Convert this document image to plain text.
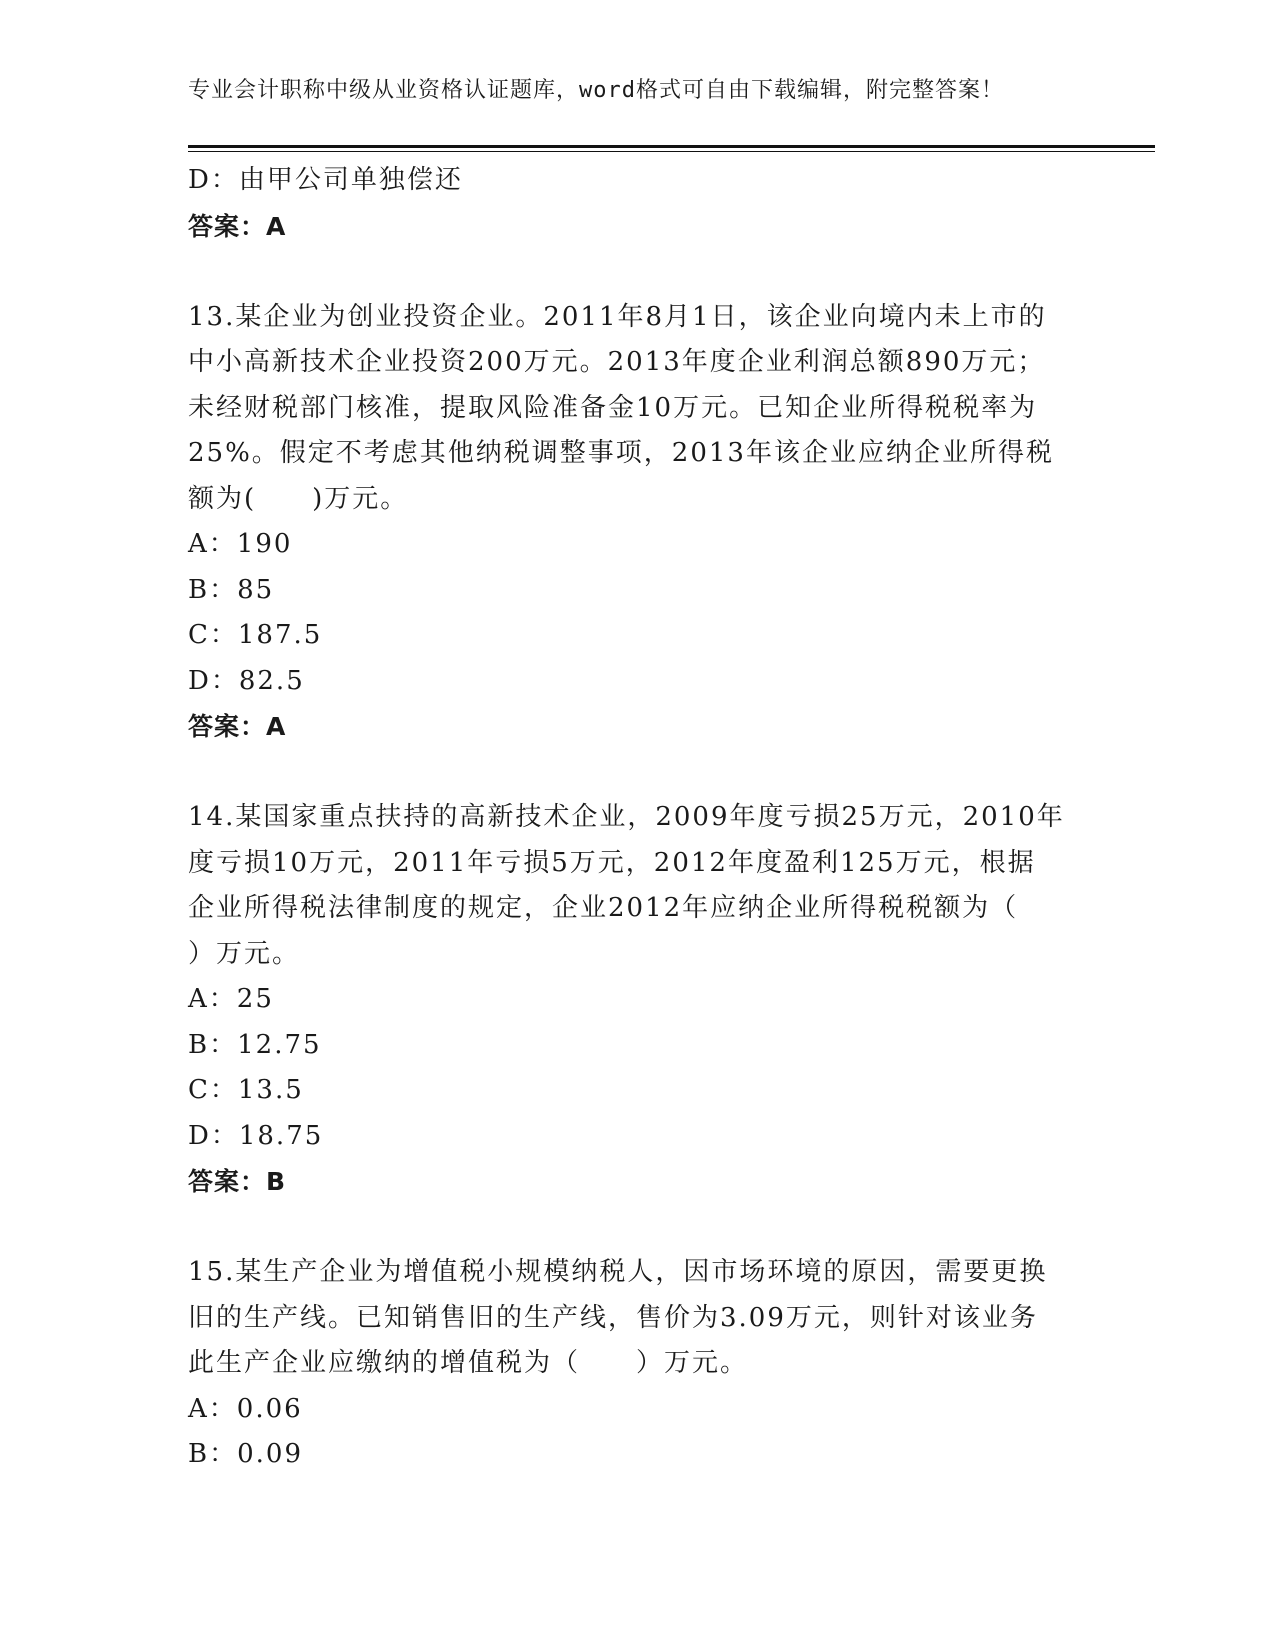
专业会计职称中级从业资格认证题库，word格式可自由下载编辑，附完整答案！
D：由甲公司单独偿还
答案：A
13.某企业为创业投资企业。2011年8月1日，该企业向境内未上市的
中小高新技术企业投资200万元。2013年度企业利润总额890万元；
未经财税部门核准，提取风险准备金10万元。已知企业所得税税率为
25%。假定不考虑其他纳税调整事项，2013年该企业应纳企业所得税
额为(　　)万元。
A：190
B：85
C：187.5
D：82.5
答案：A
14.某国家重点扶持的高新技术企业，2009年度亏损25万元，2010年
度亏损10万元，2011年亏损5万元，2012年度盈利125万元，根据
企业所得税法律制度的规定，企业2012年应纳企业所得税税额为（
）万元。
A：25
B：12.75
C：13.5
D：18.75
答案：B
15.某生产企业为增值税小规模纳税人，因市场环境的原因，需要更换
旧的生产线。已知销售旧的生产线，售价为3.09万元，则针对该业务
此生产企业应缴纳的增值税为（　　）万元。
A：0.06
B：0.09
